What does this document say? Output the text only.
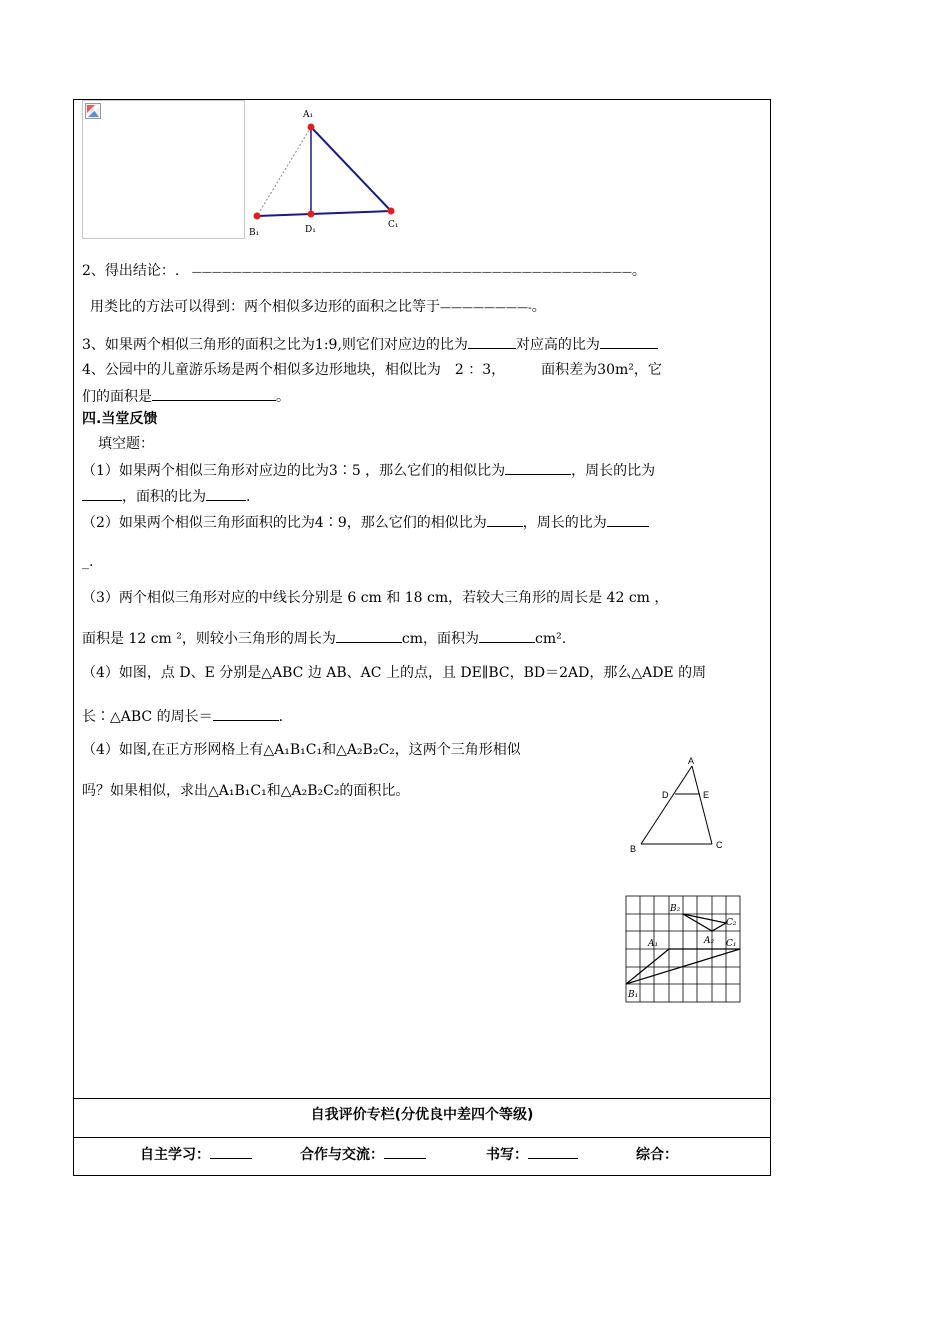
A₁
B₁	D₁	C₁
2、得出结论：. ————————————————————————————————————————————。
用类比的方法可以得到：两个相似多边形的面积之比等于————————-。
3、如果两个相似三角形的面积之比为1:9,则它们对应边的比为	对应高的比为
4、公园中的儿童游乐场是两个相似多边形地块，相似比为 2 ：3，	面积差为30m²，它
们的面积是	。
四.当堂反馈
填空题：
（1）如果两个相似三角形对应边的比为3∶5 ，那么它们的相似比为	，周长的比为
，面积的比为	.
（2）如果两个相似三角形面积的比为4∶9，那么它们的相似比为	，周长的比为
_.
（3）两个相似三角形对应的中线长分别是 6 cm 和 18 cm，若较大三角形的周长是 42 cm ，
面积是 12 cm ²，则较小三角形的周长为	cm，面积为	cm².
（4）如图，点 D、E 分别是△ABC 边 AB、AC 上的点，且 DE∥BC，BD＝2AD，那么△ADE 的周
长∶△ABC 的周长＝	.
（4）如图,在正方形网格上有△A₁B₁C₁和△A₂B₂C₂，这两个三角形相似
吗？如果相似，求出△A₁B₁C₁和△A₂B₂C₂的面积比。
A
D	E
B	C
B₂
C₂
A₁	A₂ C₁
B₁
自我评价专栏(分优良中差四个等级)
自主学习：	合作与交流：	书写：	综合：
